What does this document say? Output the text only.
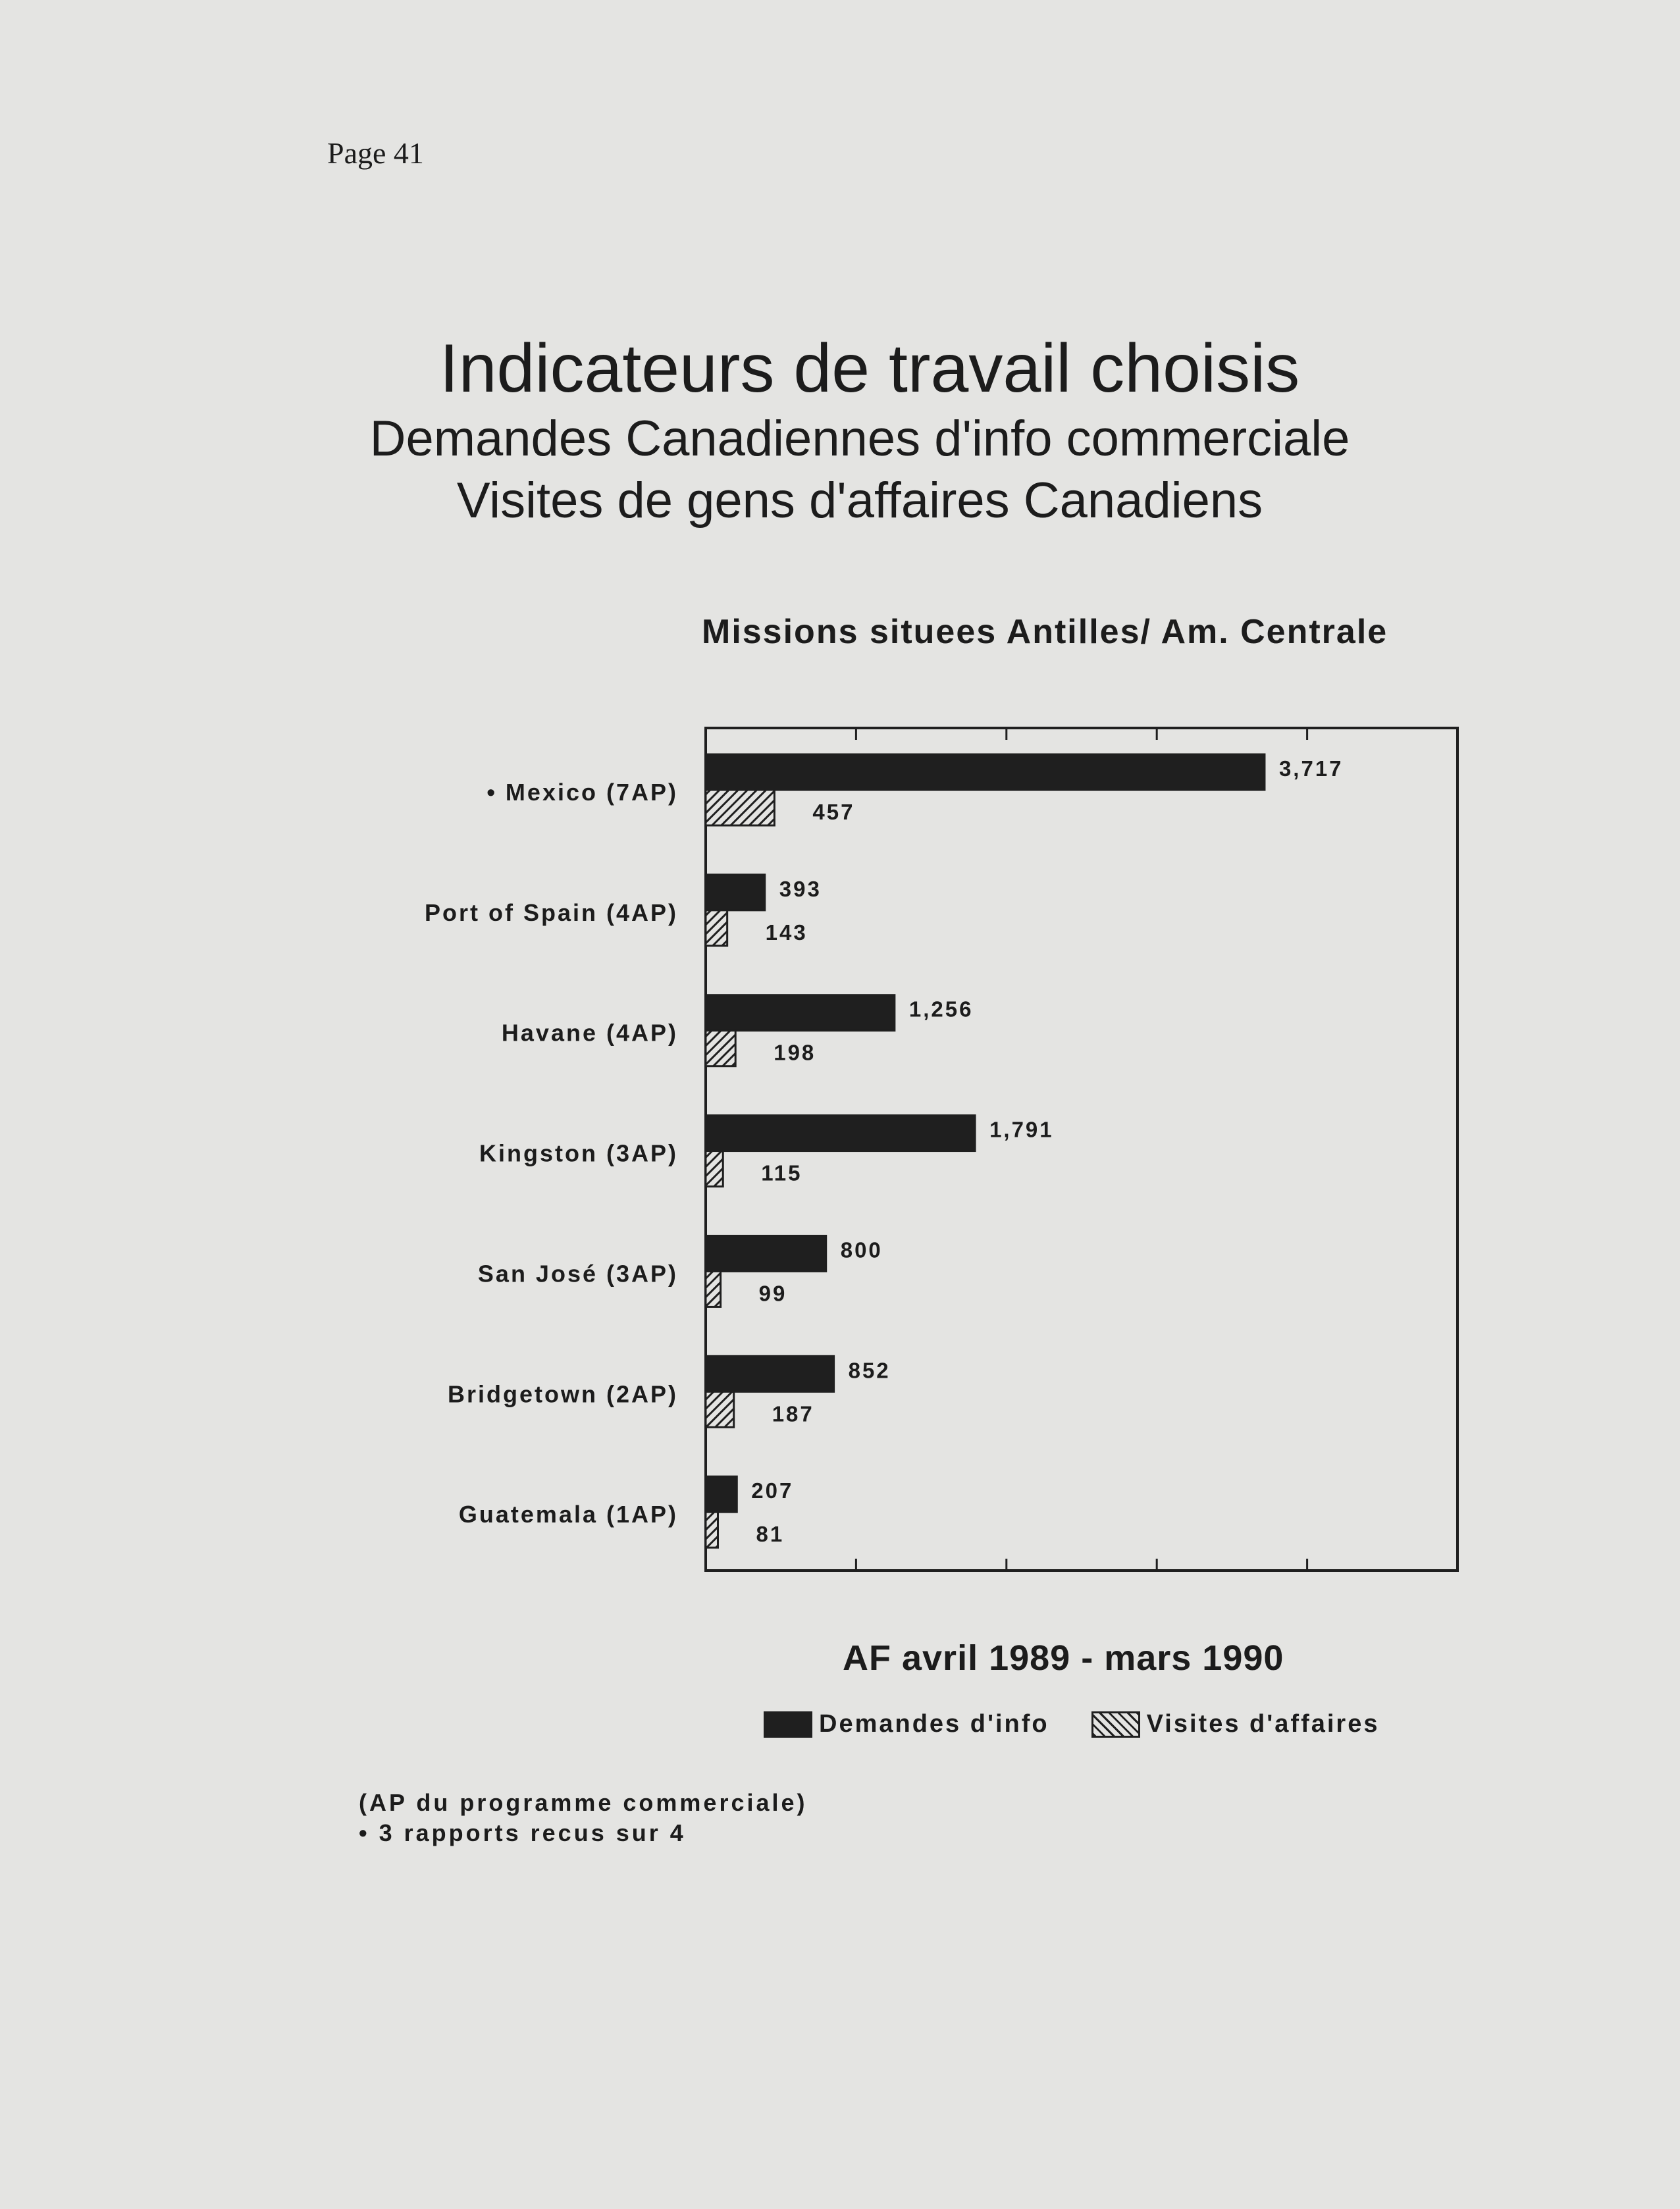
Page 41
Indicateurs de travail choisis
Demandes Canadiennes d'info commerciale
Visites de gens d'affaires Canadiens
Missions situees Antilles/ Am. Centrale
• Mexico (7AP)
3,717
457
Port of Spain (4AP)
393
143
Havane (4AP)
1,256
198
Kingston (3AP)
1,791
115
San José (3AP)
800
99
Bridgetown (2AP)
852
187
Guatemala (1AP)
207
81
AF avril 1989 - mars 1990
Demandes d'info	Visites d'affaires
(AP du programme commerciale)
• 3 rapports recus sur 4
